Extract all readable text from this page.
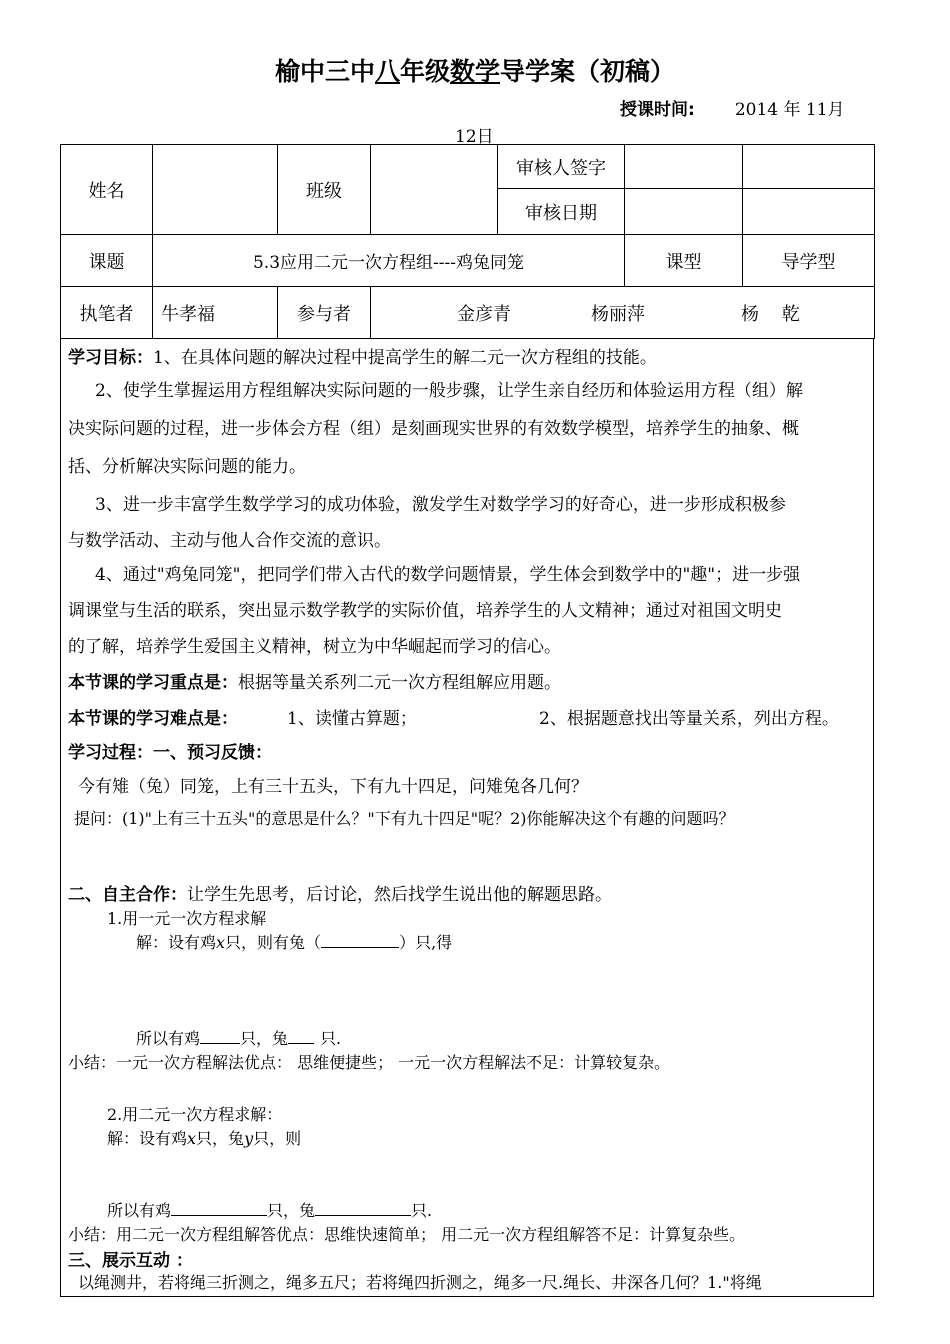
榆中三中八年级数学导学案（初稿）
授课时间: 2014 年 11月
12日
姓名		班级		审核人签字		
				审核日期		
课题	5.3应用二元一次方程组----鸡兔同笼				课型	导学型
执笔者	牛孝福	参与者	金彦青 杨丽萍 杨    乾			
学习目标：1、在具体问题的解决过程中提高学生的解二元一次方程组的技能。
2、使学生掌握运用方程组解决实际问题的一般步骤，让学生亲自经历和体验运用方程（组）解
决实际问题的过程，进一步体会方程（组）是刻画现实世界的有效数学模型，培养学生的抽象、概
括、分析解决实际问题的能力。
3、进一步丰富学生数学学习的成功体验，激发学生对数学学习的好奇心，进一步形成积极参
与数学活动、主动与他人合作交流的意识。
4、通过"鸡兔同笼"，把同学们带入古代的数学问题情景，学生体会到数学中的"趣"；进一步强
调课堂与生活的联系，突出显示数学教学的实际价值，培养学生的人文精神；通过对祖国文明史
的了解，培养学生爱国主义精神，树立为中华崛起而学习的信心。
本节课的学习重点是：根据等量关系列二元一次方程组解应用题。
本节课的学习难点是：	1、读懂古算题；	2、根据题意找出等量关系，列出方程。
学习过程：一、预习反馈：
今有雉（兔）同笼，上有三十五头，下有九十四足，问雉兔各几何？
提问：(1)"上有三十五头"的意思是什么？"下有九十四足"呢？2)你能解决这个有趣的问题吗？
二、自主合作：让学生先思考，后讨论，然后找学生说出他的解题思路。
1.用一元一次方程求解
解：设有鸡x只，则有兔（	）只,得
所以有鸡	只，兔 只.
小结：一元一次方程解法优点： 思维便捷些； 一元一次方程解法不足：计算较复杂。
2.用二元一次方程求解：
解：设有鸡x只，兔y只，则
所以有鸡	只，兔	只.
小结：用二元一次方程组解答优点：思维快速简单； 用二元一次方程组解答不足：计算复杂些。
三、展示互动 ：
以绳测井，若将绳三折测之，绳多五尺；若将绳四折测之，绳多一尺.绳长、井深各几何？1."将绳
